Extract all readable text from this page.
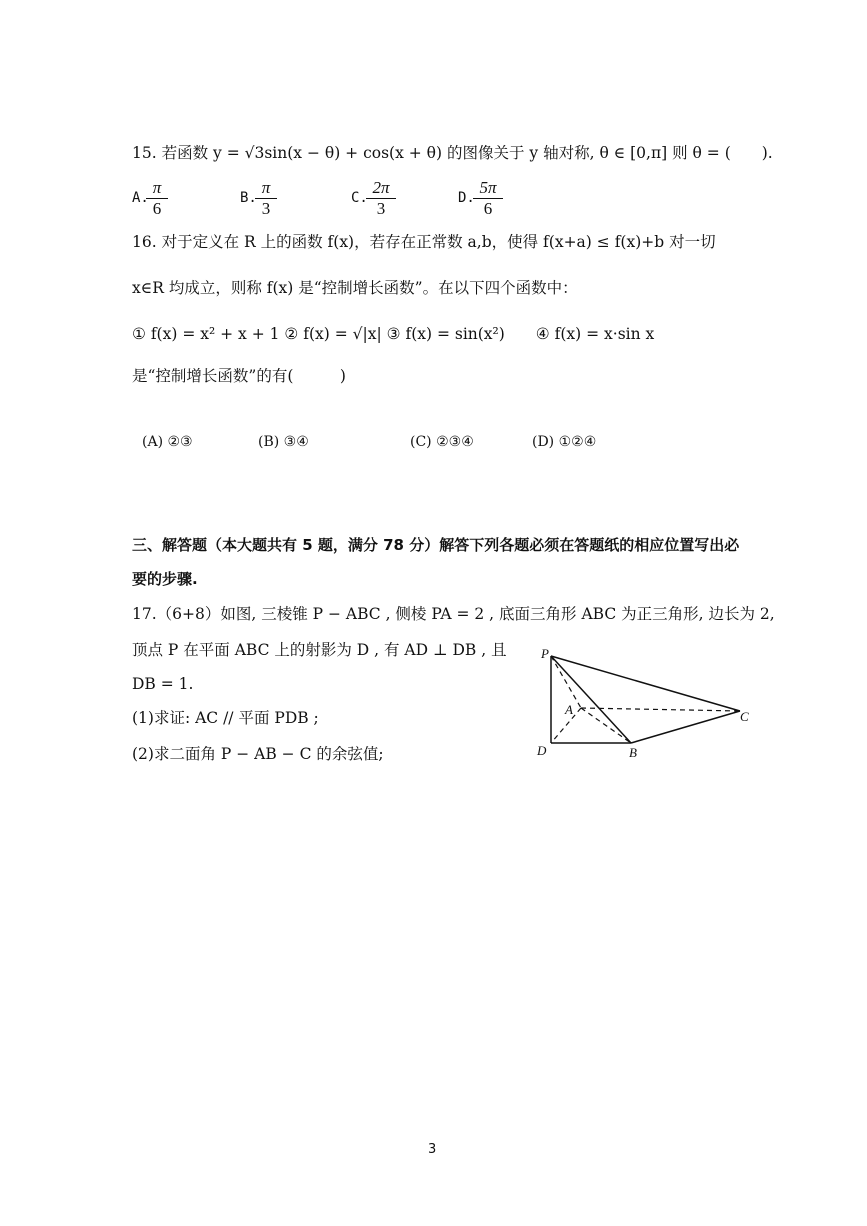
15. 若函数 y = √3sin(x − θ) + cos(x + θ) 的图像关于 y 轴对称, θ ∈ [0,π] 则 θ = (　　).
A.
$\frac{\pi}{6}$	B.
$\frac{\pi}{3}$	C.
$\frac{2\pi}{3}$	D.
$\frac{5\pi}{6}$
16. 对于定义在 R 上的函数 f(x)，若存在正常数 a,b，使得 f(x+a) ≤ f(x)+b 对一切
x∈R 均成立，则称 f(x) 是“控制增长函数”。在以下四个函数中：
① f(x) = x² + x + 1 ② f(x) = √|x| ③ f(x) = sin(x²)　　④ f(x) = x·sin x
是“控制增长函数”的有(　　　)
(A) ②③	(B) ③④	(C) ②③④	(D) ①②④
三、解答题（本大题共有 5 题，满分 78 分）解答下列各题必须在答题纸的相应位置写出必
要的步骤.
17.（6+8）如图, 三棱锥 P − ABC , 侧棱 PA = 2 , 底面三角形 ABC 为正三角形, 边长为 2,
顶点 P 在平面 ABC 上的射影为 D , 有 AD ⊥ DB , 且
DB = 1.
(1)求证: AC // 平面 PDB ;
(2)求二面角 P − AB − C 的余弦值;
P
A
B
C
D
3
